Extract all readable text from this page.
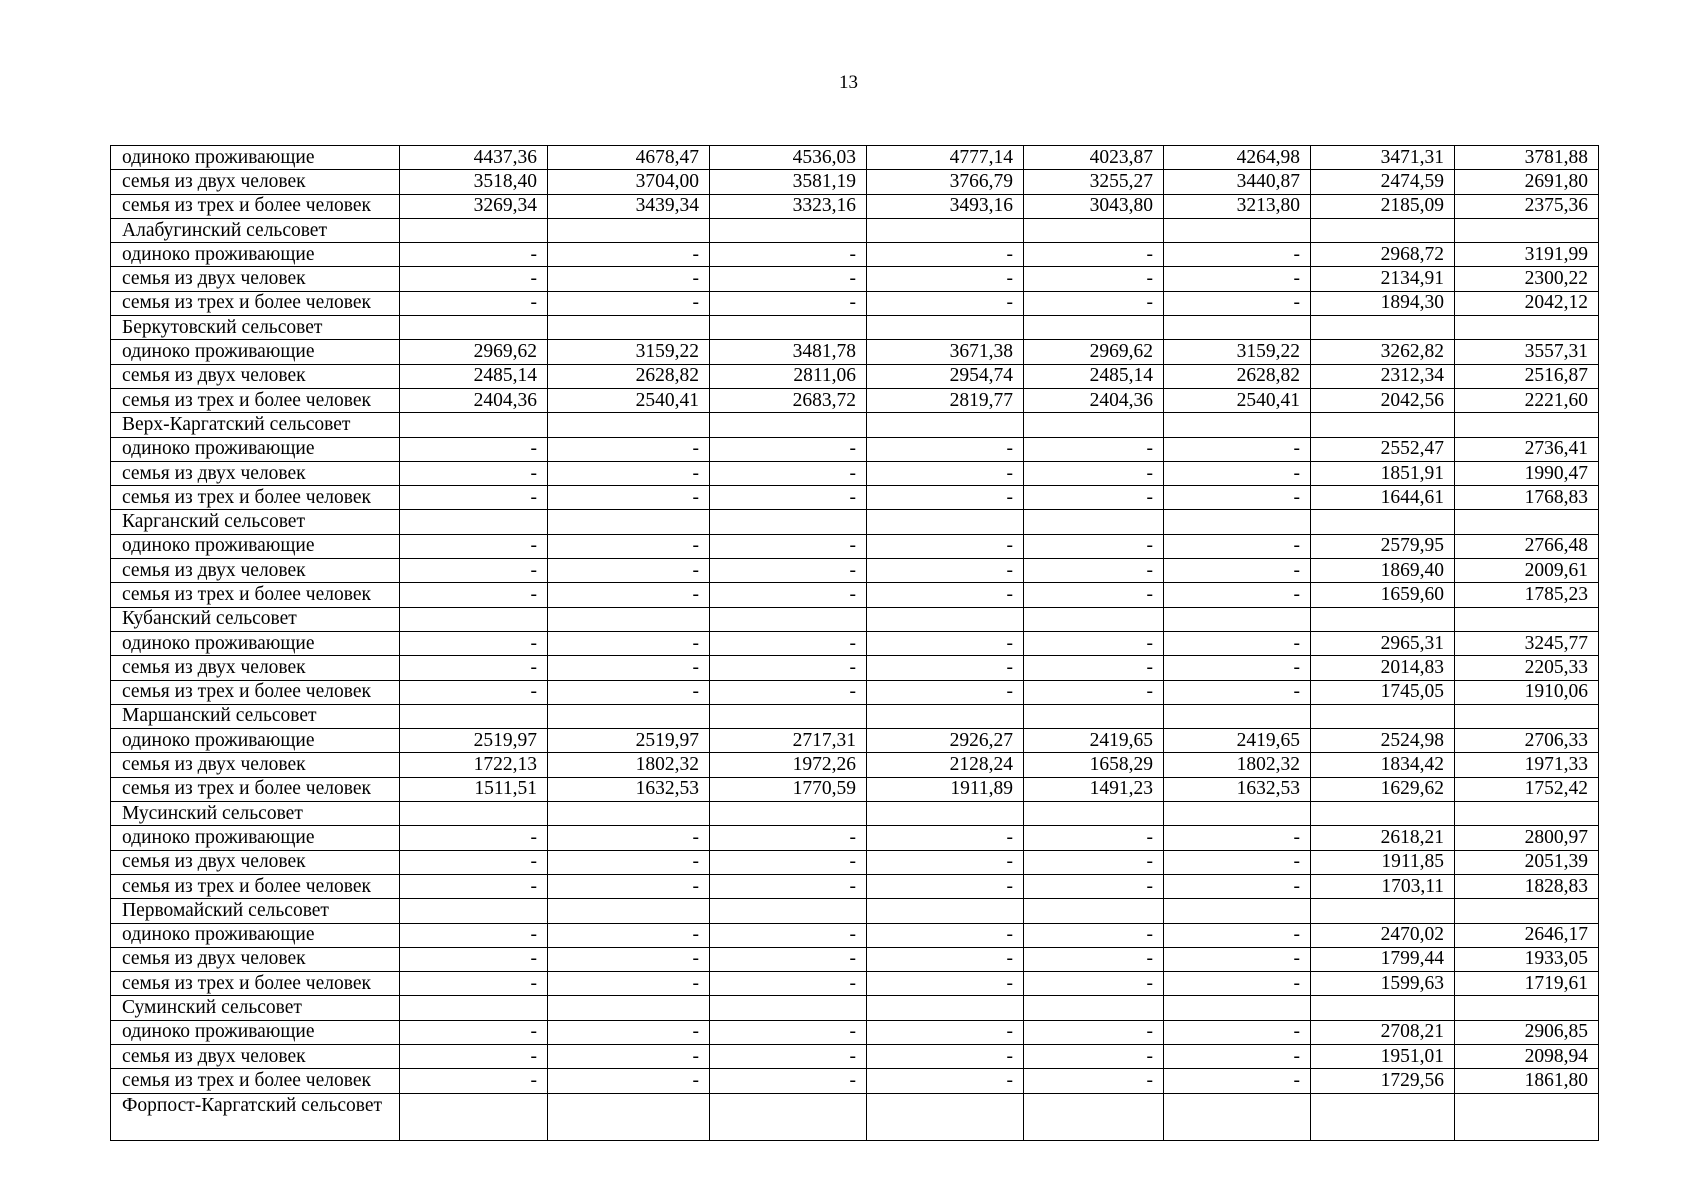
13
одиноко проживающие	4437,36	4678,47	4536,03	4777,14	4023,87	4264,98	3471,31	3781,88
семья из двух человек	3518,40	3704,00	3581,19	3766,79	3255,27	3440,87	2474,59	2691,80
семья из трех и более человек	3269,34	3439,34	3323,16	3493,16	3043,80	3213,80	2185,09	2375,36
Алабугинский сельсовет								
одиноко проживающие	-	-	-	-	-	-	2968,72	3191,99
семья из двух человек	-	-	-	-	-	-	2134,91	2300,22
семья из трех и более человек	-	-	-	-	-	-	1894,30	2042,12
Беркутовский сельсовет								
одиноко проживающие	2969,62	3159,22	3481,78	3671,38	2969,62	3159,22	3262,82	3557,31
семья из двух человек	2485,14	2628,82	2811,06	2954,74	2485,14	2628,82	2312,34	2516,87
семья из трех и более человек	2404,36	2540,41	2683,72	2819,77	2404,36	2540,41	2042,56	2221,60
Верх-Каргатский сельсовет								
одиноко проживающие	-	-	-	-	-	-	2552,47	2736,41
семья из двух человек	-	-	-	-	-	-	1851,91	1990,47
семья из трех и более человек	-	-	-	-	-	-	1644,61	1768,83
Карганский сельсовет								
одиноко проживающие	-	-	-	-	-	-	2579,95	2766,48
семья из двух человек	-	-	-	-	-	-	1869,40	2009,61
семья из трех и более человек	-	-	-	-	-	-	1659,60	1785,23
Кубанский сельсовет								
одиноко проживающие	-	-	-	-	-	-	2965,31	3245,77
семья из двух человек	-	-	-	-	-	-	2014,83	2205,33
семья из трех и более человек	-	-	-	-	-	-	1745,05	1910,06
Маршанский сельсовет								
одиноко проживающие	2519,97	2519,97	2717,31	2926,27	2419,65	2419,65	2524,98	2706,33
семья из двух человек	1722,13	1802,32	1972,26	2128,24	1658,29	1802,32	1834,42	1971,33
семья из трех и более человек	1511,51	1632,53	1770,59	1911,89	1491,23	1632,53	1629,62	1752,42
Мусинский сельсовет								
одиноко проживающие	-	-	-	-	-	-	2618,21	2800,97
семья из двух человек	-	-	-	-	-	-	1911,85	2051,39
семья из трех и более человек	-	-	-	-	-	-	1703,11	1828,83
Первомайский сельсовет								
одиноко проживающие	-	-	-	-	-	-	2470,02	2646,17
семья из двух человек	-	-	-	-	-	-	1799,44	1933,05
семья из трех и более человек	-	-	-	-	-	-	1599,63	1719,61
Суминский сельсовет								
одиноко проживающие	-	-	-	-	-	-	2708,21	2906,85
семья из двух человек	-	-	-	-	-	-	1951,01	2098,94
семья из трех и более человек	-	-	-	-	-	-	1729,56	1861,80
Форпост-Каргатский сельсовет								
